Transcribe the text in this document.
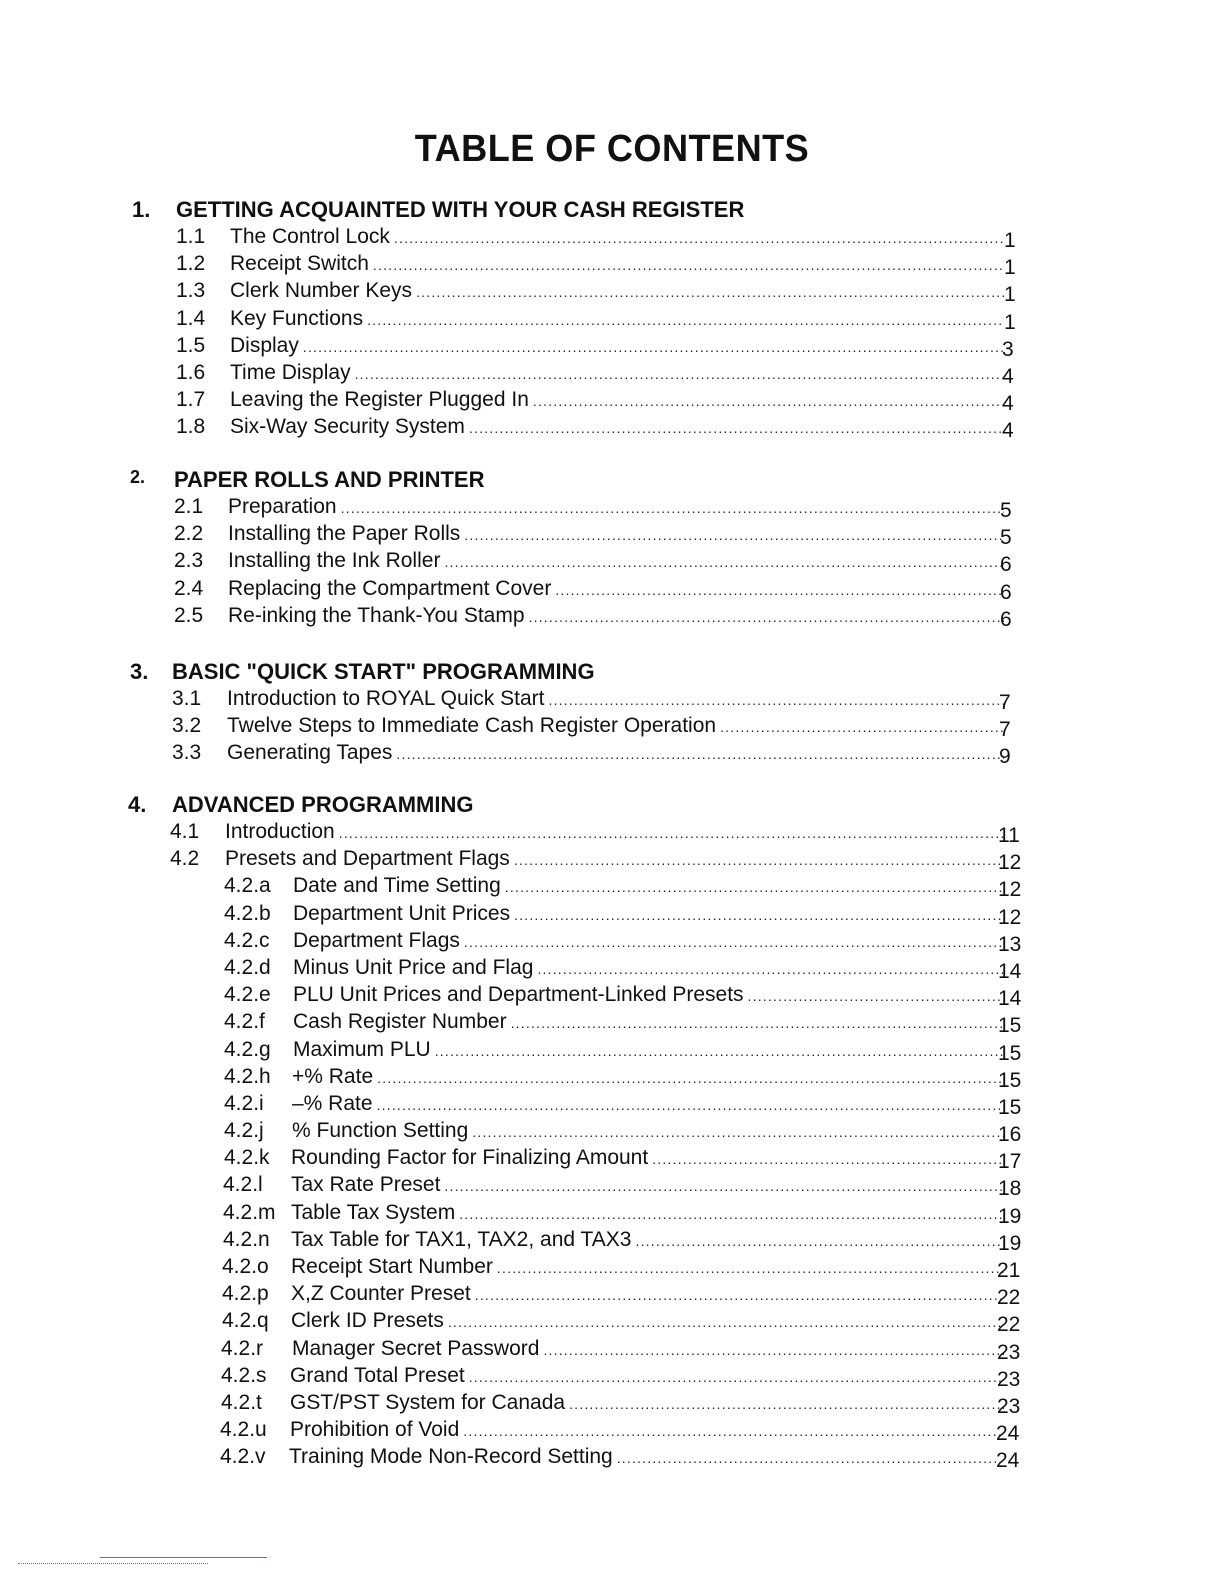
TABLE OF CONTENTS
1. GETTING ACQUAINTED WITH YOUR CASH REGISTER
1.1 The Control Lock .....	1
1.2 Receipt Switch .....	1
1.3 Clerk Number Keys .....	1
1.4 Key Functions .....	1
1.5 Display .....	3
1.6 Time Display .....	4
1.7 Leaving the Register Plugged In .....	4
1.8 Six-Way Security System .....	4
2. PAPER ROLLS AND PRINTER
2.1 Preparation .....	5
2.2 Installing the Paper Rolls .....	5
2.3 Installing the Ink Roller .....	6
2.4 Replacing the Compartment Cover .....	6
2.5 Re-inking the Thank-You Stamp .....	6
3. BASIC "QUICK START" PROGRAMMING
3.1 Introduction to ROYAL Quick Start .....	7
3.2 Twelve Steps to Immediate Cash Register Operation .....	7
3.3 Generating Tapes .....	9
4. ADVANCED PROGRAMMING
4.1 Introduction .....	11
4.2 Presets and Department Flags .....	12
4.2.a Date and Time Setting .....	12
4.2.b Department Unit Prices .....	12
4.2.c Department Flags .....	13
4.2.d Minus Unit Price and Flag .....	14
4.2.e PLU Unit Prices and Department-Linked Presets .....	14
4.2.f Cash Register Number .....	15
4.2.g Maximum PLU .....	15
4.2.h +% Rate .....	15
4.2.i –% Rate .....	15
4.2.j % Function Setting .....	16
4.2.k Rounding Factor for Finalizing Amount .....	17
4.2.l Tax Rate Preset .....	18
4.2.m Table Tax System .....	19
4.2.n Tax Table for TAX1, TAX2, and TAX3 .....	19
4.2.o Receipt Start Number .....	21
4.2.p X,Z Counter Preset .....	22
4.2.q Clerk ID Presets .....	22
4.2.r Manager Secret Password .....	23
4.2.s Grand Total Preset .....	23
4.2.t GST/PST System for Canada .....	23
4.2.u Prohibition of Void .....	24
4.2.v Training Mode Non-Record Setting .....	24
